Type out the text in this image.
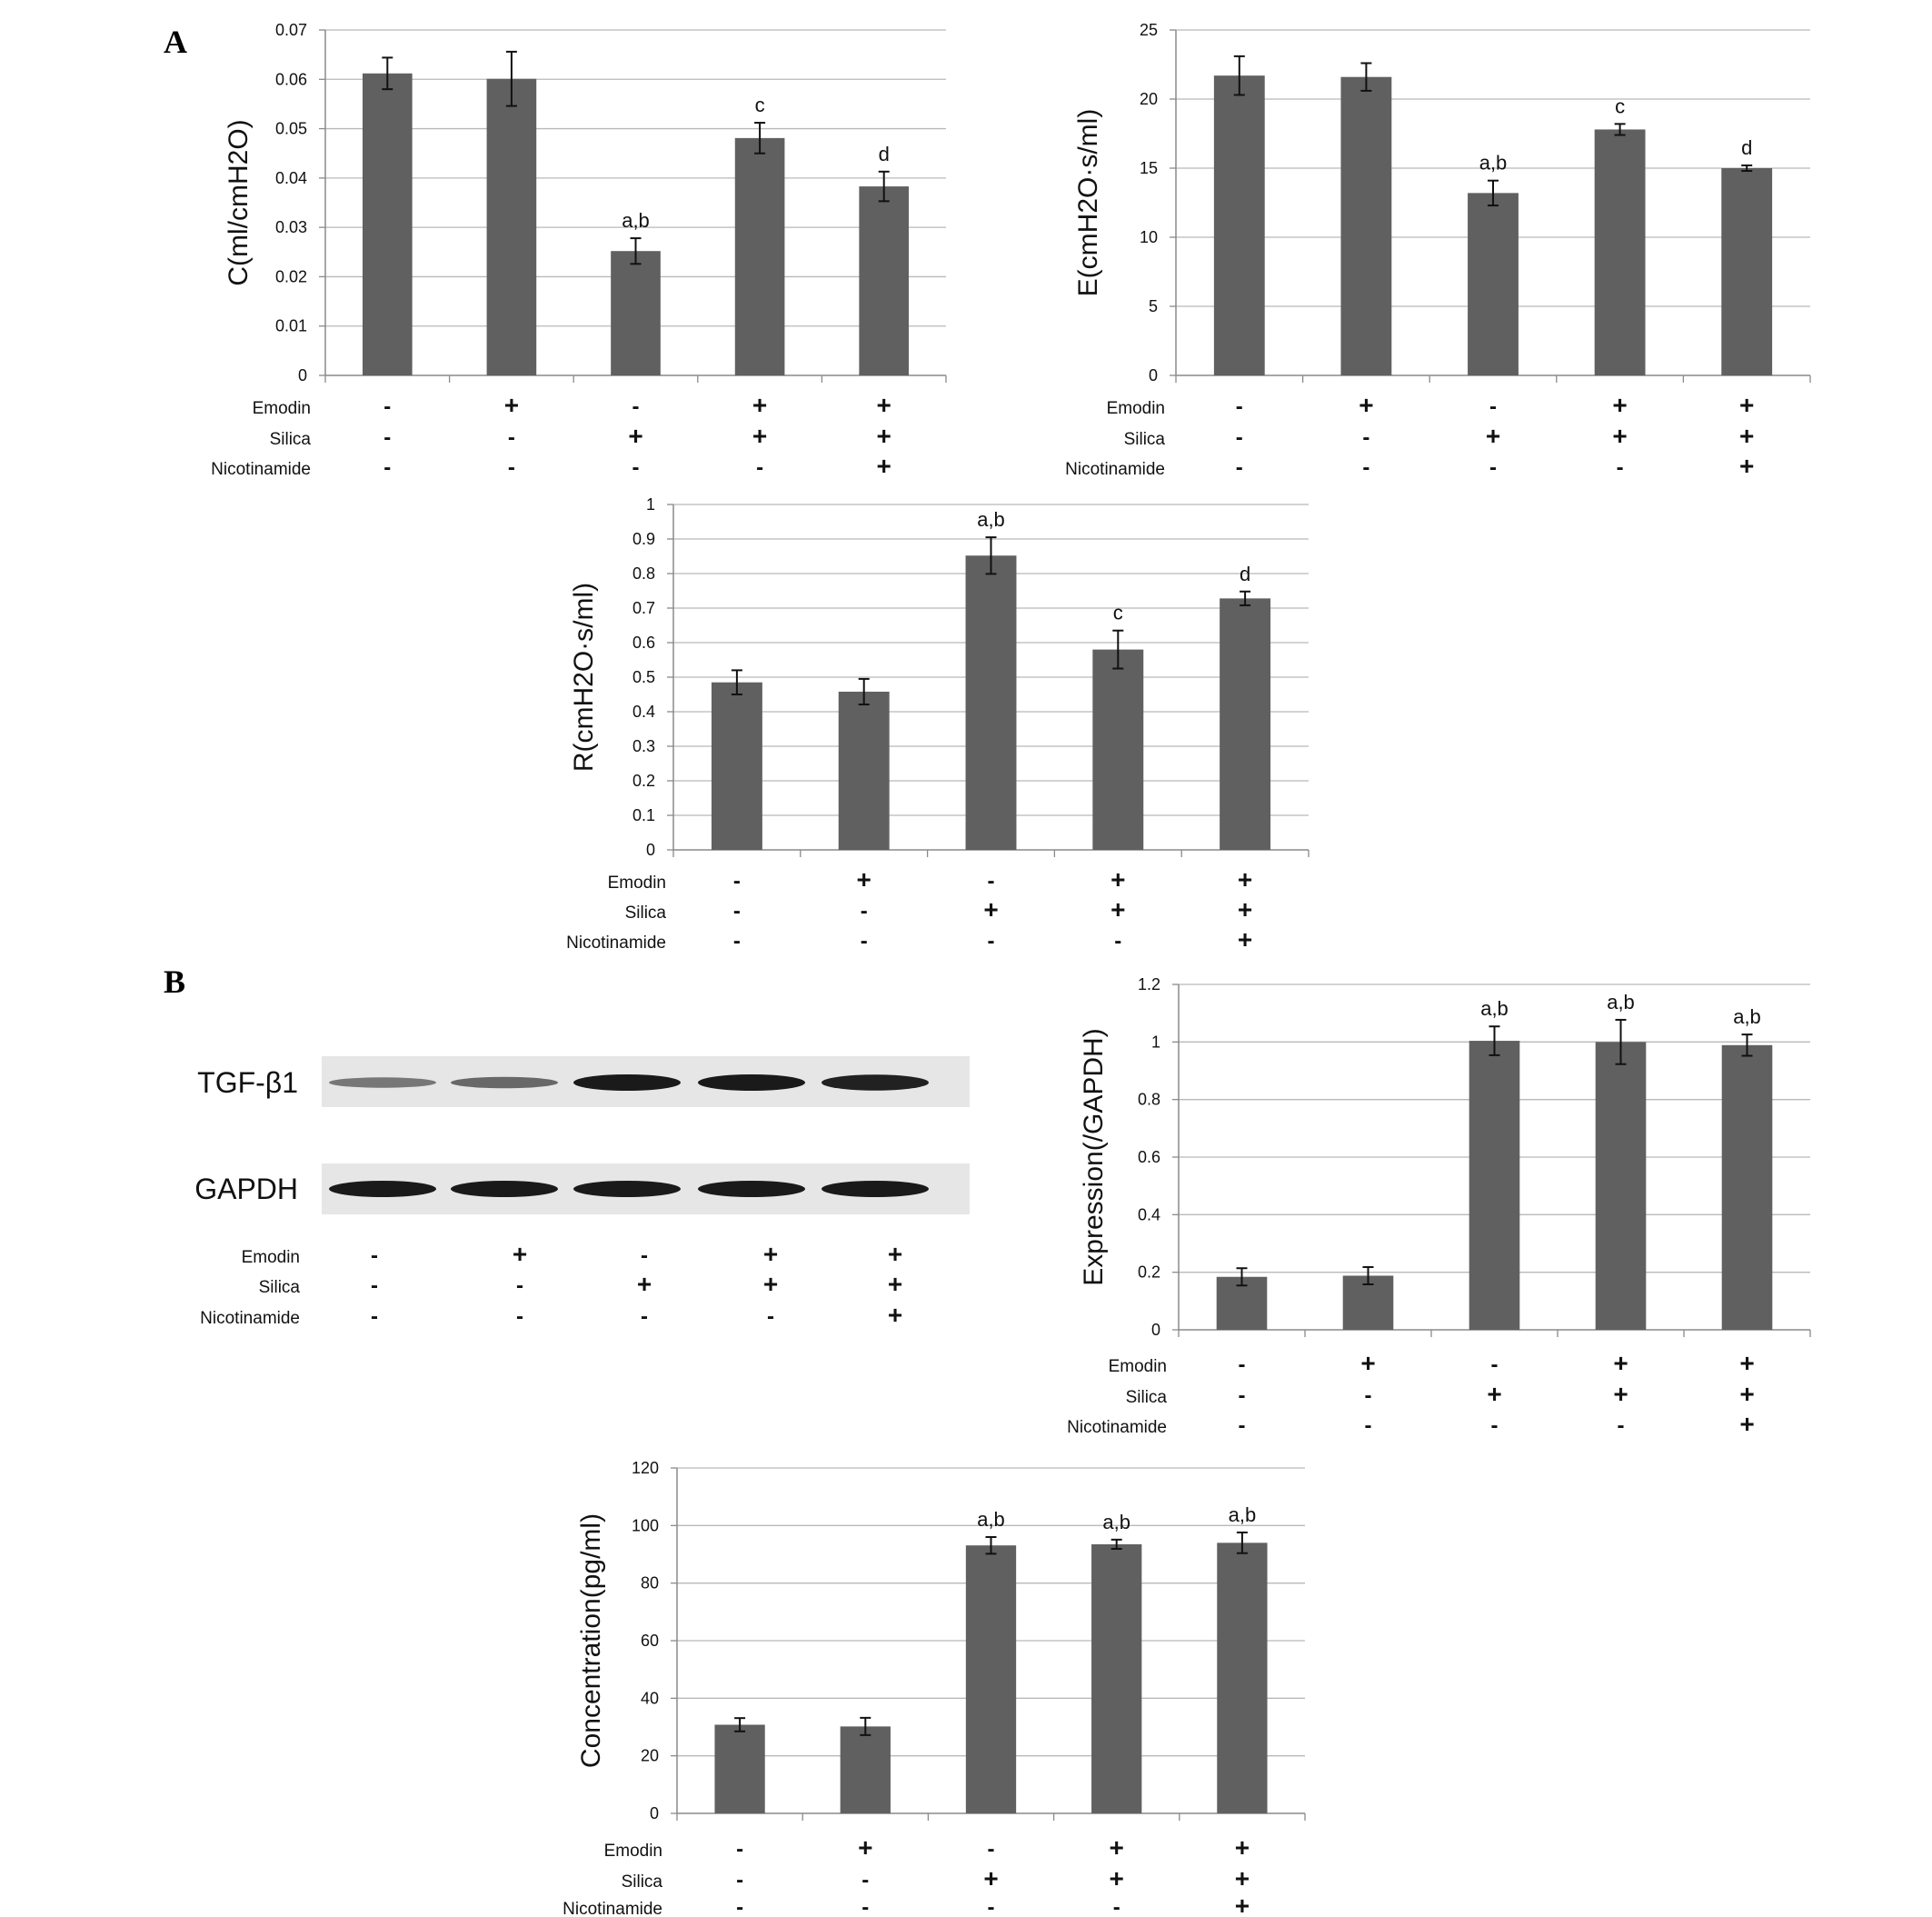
A
B
0
0.01
0.02
0.03
0.04
0.05
0.06
0.07
C(ml/cmH2O)	a,b
c
d
Emodin	-	+	-	+	+
Silica	-	-	+	+	+
Nicotinamide	-	-	-	-	+
0
5
10
15
20
25
E(cmH2O·s/ml)	a,b
c
d
Emodin	-	+	-	+	+
Silica	-	-	+	+	+
Nicotinamide	-	-	-	-	+
0
0.1
0.2
0.3
0.4
0.5
0.6
0.7
0.8
0.9
1
R(cmH2O·s/ml)
a,b
c
d
Emodin	-	+	-	+	+
Silica	-	-	+	+	+
Nicotinamide	-	-	-	-	+
TGF-β1
GAPDH
Emodin	-	+	-	+	+
Silica	-	-	+	+	+
Nicotinamide	-	-	-	-	+
0
0.2
0.4
0.6
0.8
1
1.2
Expression(/GAPDH)
a,b	a,b
a,b
Emodin	-	+	-	+	+
Silica	-	-	+	+	+
Nicotinamide	-	-	-	-	+
0
20
40
60
80
100
120
Concentration(pg/ml)	a,b	a,b	a,b
Emodin	-	+	-	+	+
Silica	-	-	+	+	+
Nicotinamide	-	-	-	-	+
